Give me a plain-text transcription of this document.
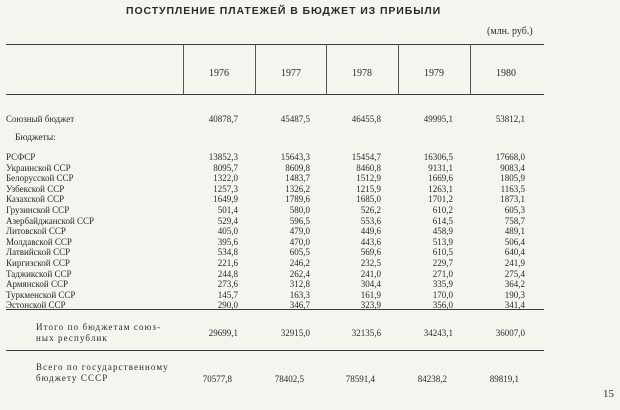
ПОСТУПЛЕНИЕ ПЛАТЕЖЕЙ В БЮДЖЕТ ИЗ ПРИБЫЛИ
(млн. руб.)
1976	1977	1978	1979	1980
Союзный бюджет	40878,7	45487,5	46455,8	49995,1	53812,1
Бюджеты:
РСФСР	13852,3	15643,3	15454,7	16306,5	17668,0
Украинской ССР	8095,7	8609,8	8460,8	9131,1	9083,4
Белорусской ССР	1322,0	1483,7	1512,9	1669,6	1805,9
Узбекской ССР	1257,3	1326,2	1215,9	1263,1	1163,5
Казахской ССР	1649,9	1789,6	1685,0	1701,2	1873,1
Грузинской ССР	501,4	580,0	526,2	610,2	605,3
Азербайджанской ССР	529,4	596,5	553,6	614,5	758,7
Литовской ССР	405,0	479,0	449,6	458,9	489,1
Молдавской ССР	395,6	470,0	443,6	513,9	506,4
Латвийской ССР	534,8	605,5	569,6	610,5	640,4
Киргизской ССР	221,6	246,2	232,5	229,7	241,9
Таджикской ССР	244,8	262,4	241,0	271,0	275,4
Армянской ССР	273,6	312,8	304,4	335,9	364,2
Туркменской ССР	145,7	163,3	161,9	170,0	190,3
Эстонской ССР	290,0	346,7	323,9	356,0	341,4
Итого по бюджетам союз-
ных республик	29699,1	32915,0	32135,6	34243,1	36007,0
Всего по государственному
бюджету СССР	70577,8	78402,5	78591,4	84238,2	89819,1
15
